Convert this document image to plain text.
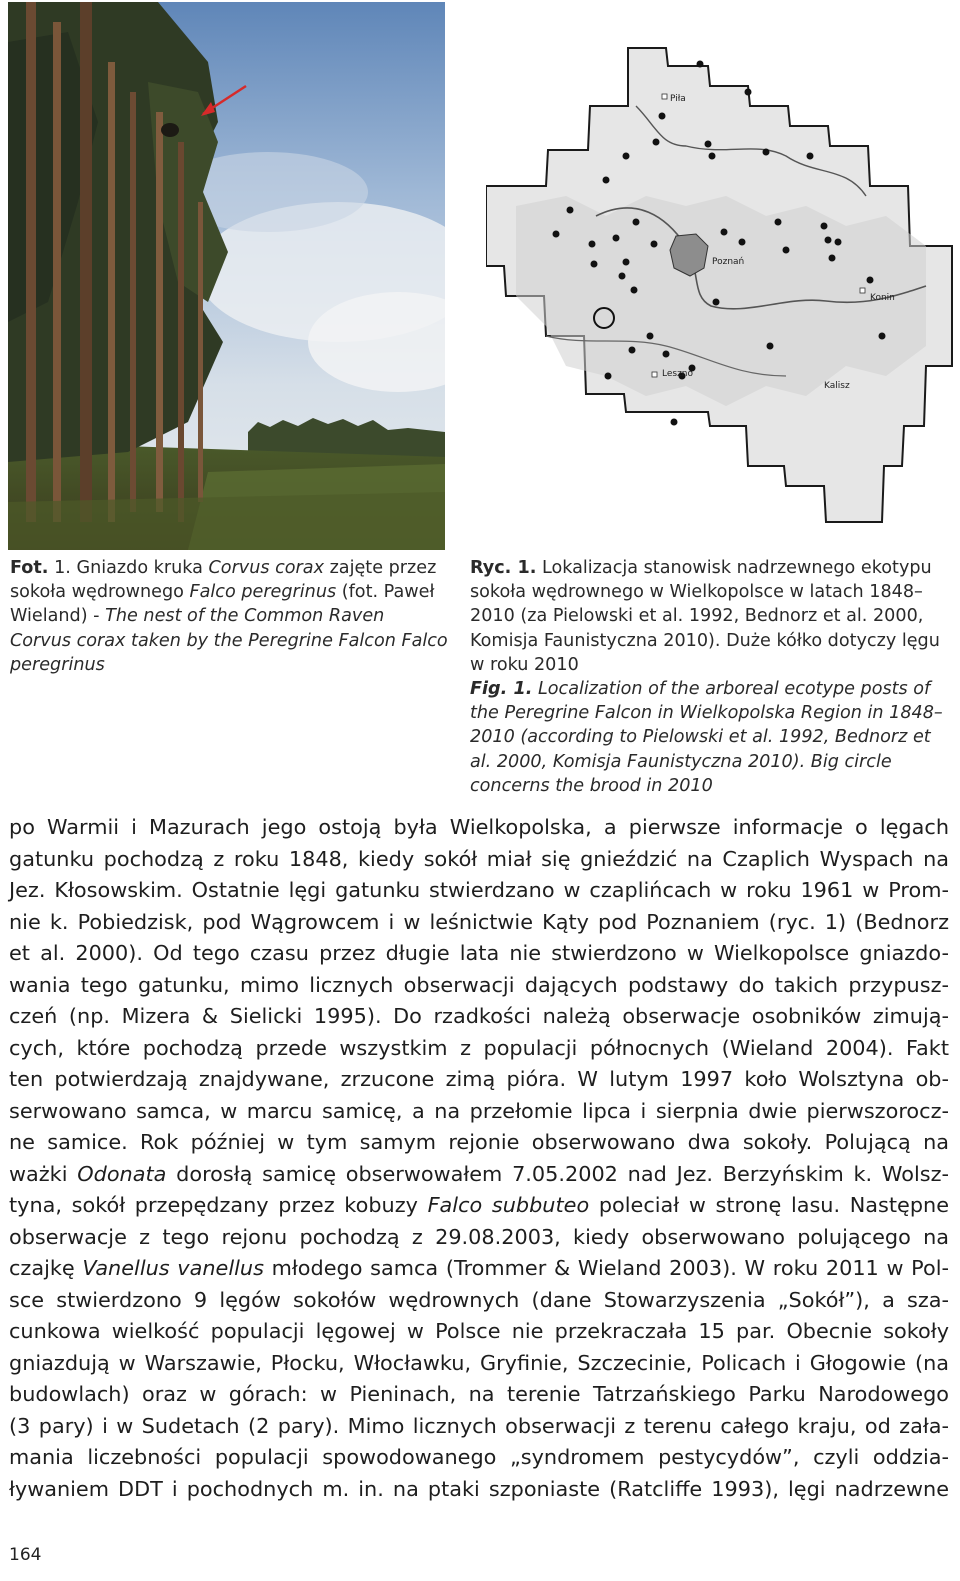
Piła
Poznań
Konin
Leszno
Kalisz
Fot. 1. Gniazdo kruka Corvus corax zajęte przez sokoła wędrownego Falco peregrinus (fot. Paweł Wieland) - The nest of the Common Raven Corvus corax taken by the Peregrine Falcon Falco peregrinus
Ryc. 1. Lokalizacja stanowisk nadrzewnego ekotypu sokoła wędrownego w Wielkopolsce w latach 1848–2010 (za Pielowski et al. 1992, Bednorz et al. 2000, Komisja Faunistyczna 2010). Duże kółko dotyczy lęgu w roku 2010
Fig. 1. Localization of the arboreal ecotype posts of the Peregrine Falcon in Wielkopolska Region in 1848–2010 (according to Pielowski et al. 1992, Bednorz et al. 2000, Komisja Faunistyczna 2010). Big circle concerns the brood in 2010

po Warmii i Mazurach jego ostoją była Wielkopolska, a pierwsze informacje o lęgach

gatunku pochodzą z roku 1848, kiedy sokół miał się gnieździć na Czaplich Wyspach na

Jez. Kłosowskim. Ostatnie lęgi gatunku stwierdzano w czaplińcach w roku 1961 w Prom-

nie k. Pobiedzisk, pod Wągrowcem i w leśnictwie Kąty pod Poznaniem (ryc. 1) (Bednorz

et al. 2000). Od tego czasu przez długie lata nie stwierdzono w Wielkopolsce gniazdo-

wania tego gatunku, mimo licznych obserwacji dających podstawy do takich przypusz-

czeń (np. Mizera & Sielicki 1995). Do rzadkości należą obserwacje osobników zimują-

cych, które pochodzą przede wszystkim z populacji północnych (Wieland 2004). Fakt

ten potwierdzają znajdywane, zrzucone zimą pióra. W lutym 1997 koło Wolsztyna ob-

serwowano samca, w marcu samicę, a na przełomie lipca i sierpnia dwie pierwszorocz-

ne samice. Rok później w tym samym rejonie obserwowano dwa sokoły. Polującą na

ważki Odonata dorosłą samicę obserwowałem 7.05.2002 nad Jez. Berzyńskim k. Wolsz-

tyna, sokół przepędzany przez kobuzy Falco subbuteo poleciał w stronę lasu. Następne

obserwacje z tego rejonu pochodzą z 29.08.2003, kiedy obserwowano polującego na

czajkę Vanellus vanellus młodego samca (Trommer & Wieland 2003). W roku 2011 w Pol-

sce stwierdzono 9 lęgów sokołów wędrownych (dane Stowarzyszenia „Sokół”), a sza-

cunkowa wielkość populacji lęgowej w Polsce nie przekraczała 15 par. Obecnie sokoły

gniazdują w Warszawie, Płocku, Włocławku, Gryfinie, Szczecinie, Policach i Głogowie (na

budowlach) oraz w górach: w Pieninach, na terenie Tatrzańskiego Parku Narodowego

(3 pary) i w Sudetach (2 pary). Mimo licznych obserwacji z terenu całego kraju, od zała-

mania liczebności populacji spowodowanego „syndromem pestycydów”, czyli oddzia-

ływaniem DDT i pochodnych m. in. na ptaki szponiaste (Ratcliffe 1993), lęgi nadrzewne

164
